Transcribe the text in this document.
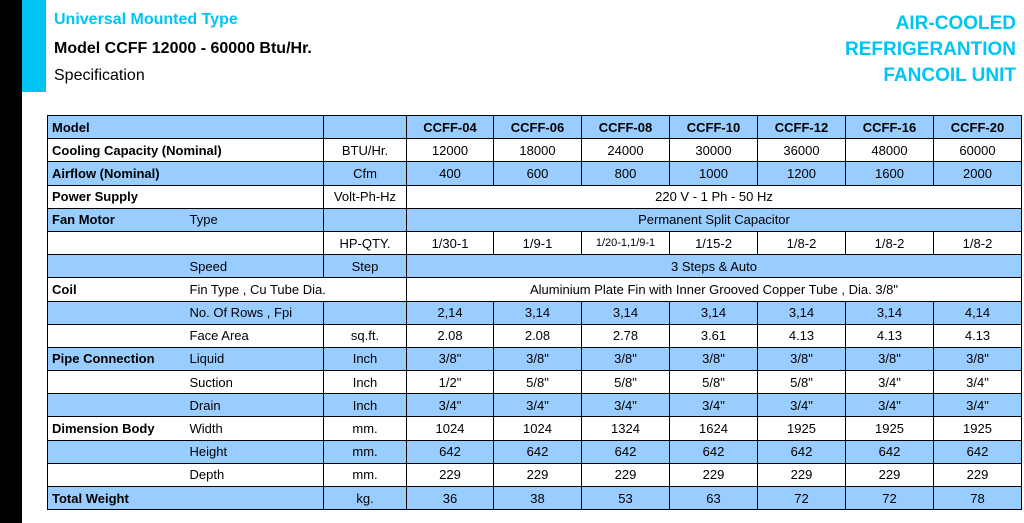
Universal Mounted Type
Model CCFF 12000 - 60000 Btu/Hr.
Specification
AIR-COOLED
REFRIGERANTION
FANCOIL UNIT
Model			CCFF-04	CCFF-06	CCFF-08	CCFF-10	CCFF-12	CCFF-16	CCFF-20
Cooling Capacity (Nominal)		BTU/Hr.	12000	18000	24000	30000	36000	48000	60000
Airflow (Nominal)		Cfm	400	600	800	1000	1200	1600	2000
Power Supply		Volt-Ph-Hz	220 V - 1 Ph - 50 Hz						
Fan Motor	Type		Permanent Split Capacitor						
		HP-QTY.	1/30-1	1/9-1	1/20-1,1/9-1	1/15-2	1/8-2	1/8-2	1/8-2
	Speed	Step	3 Steps & Auto						
Coil	Fin Type , Cu Tube Dia.		Aluminium Plate Fin with Inner Grooved Copper Tube , Dia. 3/8"						
	No. Of Rows , Fpi		2,14	3,14	3,14	3,14	3,14	3,14	4,14
	Face Area	sq.ft.	2.08	2.08	2.78	3.61	4.13	4.13	4.13
Pipe Connection	Liquid	Inch	3/8"	3/8"	3/8"	3/8"	3/8"	3/8"	3/8"
	Suction	Inch	1/2"	5/8"	5/8"	5/8"	5/8"	3/4"	3/4"
	Drain	Inch	3/4"	3/4"	3/4"	3/4"	3/4"	3/4"	3/4"
Dimension Body	Width	mm.	1024	1024	1324	1624	1925	1925	1925
	Height	mm.	642	642	642	642	642	642	642
	Depth	mm.	229	229	229	229	229	229	229
Total Weight		kg.	36	38	53	63	72	72	78
